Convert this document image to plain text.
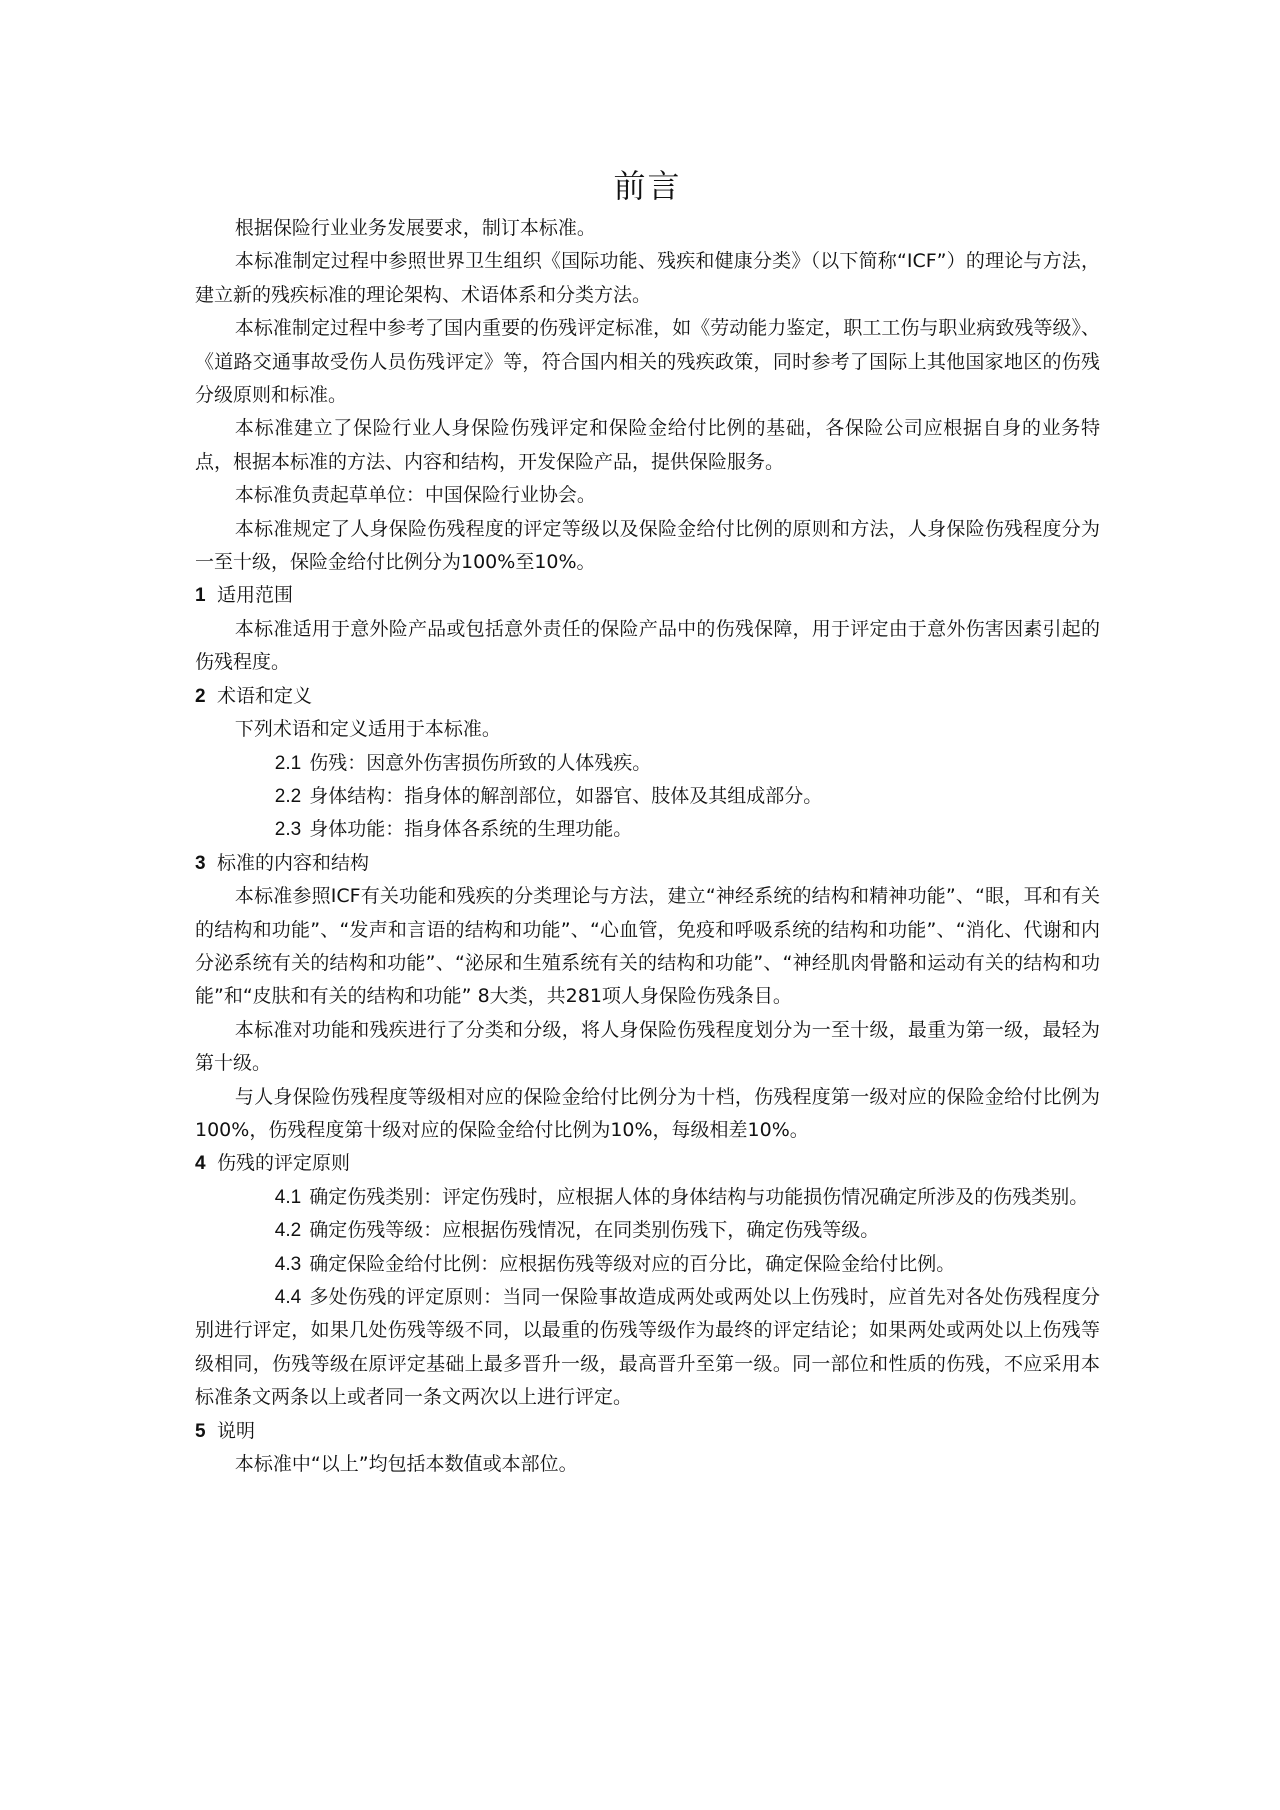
前言

根据保险行业业务发展要求，制订本标准。

本标准制定过程中参照世界卫生组织《国际功能、残疾和健康分类》（以下简称“ICF”）的理论与方法，建立新的残疾标准的理论架构、术语体系和分类方法。

本标准制定过程中参考了国内重要的伤残评定标准，如《劳动能力鉴定，职工工伤与职业病致残等级》、《道路交通事故受伤人员伤残评定》等，符合国内相关的残疾政策，同时参考了国际上其他国家地区的伤残分级原则和标准。

本标准建立了保险行业人身保险伤残评定和保险金给付比例的基础，各保险公司应根据自身的业务特点，根据本标准的方法、内容和结构，开发保险产品，提供保险服务。

本标准负责起草单位：中国保险行业协会。

本标准规定了人身保险伤残程度的评定等级以及保险金给付比例的原则和方法，人身保险伤残程度分为一至十级，保险金给付比例分为100%至10%。

1 适用范围

本标准适用于意外险产品或包括意外责任的保险产品中的伤残保障，用于评定由于意外伤害因素引起的伤残程度。

2 术语和定义

下列术语和定义适用于本标准。

2.1 伤残：因意外伤害损伤所致的人体残疾。

2.2 身体结构：指身体的解剖部位，如器官、肢体及其组成部分。

2.3 身体功能：指身体各系统的生理功能。

3 标准的内容和结构

本标准参照ICF有关功能和残疾的分类理论与方法，建立“神经系统的结构和精神功能”、“眼，耳和有关的结构和功能”、“发声和言语的结构和功能”、“心血管，免疫和呼吸系统的结构和功能”、“消化、代谢和内分泌系统有关的结构和功能”、“泌尿和生殖系统有关的结构和功能”、“神经肌肉骨骼和运动有关的结构和功能”和“皮肤和有关的结构和功能” 8大类，共281项人身保险伤残条目。

本标准对功能和残疾进行了分类和分级，将人身保险伤残程度划分为一至十级，最重为第一级，最轻为第十级。

与人身保险伤残程度等级相对应的保险金给付比例分为十档，伤残程度第一级对应的保险金给付比例为100%，伤残程度第十级对应的保险金给付比例为10%，每级相差10%。

4 伤残的评定原则

4.1 确定伤残类别：评定伤残时，应根据人体的身体结构与功能损伤情况确定所涉及的伤残类别。

4.2 确定伤残等级：应根据伤残情况，在同类别伤残下，确定伤残等级。

4.3 确定保险金给付比例：应根据伤残等级对应的百分比，确定保险金给付比例。

4.4 多处伤残的评定原则：当同一保险事故造成两处或两处以上伤残时，应首先对各处伤残程度分别进行评定，如果几处伤残等级不同，以最重的伤残等级作为最终的评定结论；如果两处或两处以上伤残等级相同，伤残等级在原评定基础上最多晋升一级，最高晋升至第一级。同一部位和性质的伤残，不应采用本标准条文两条以上或者同一条文两次以上进行评定。

5 说明

本标准中“以上”均包括本数值或本部位。
